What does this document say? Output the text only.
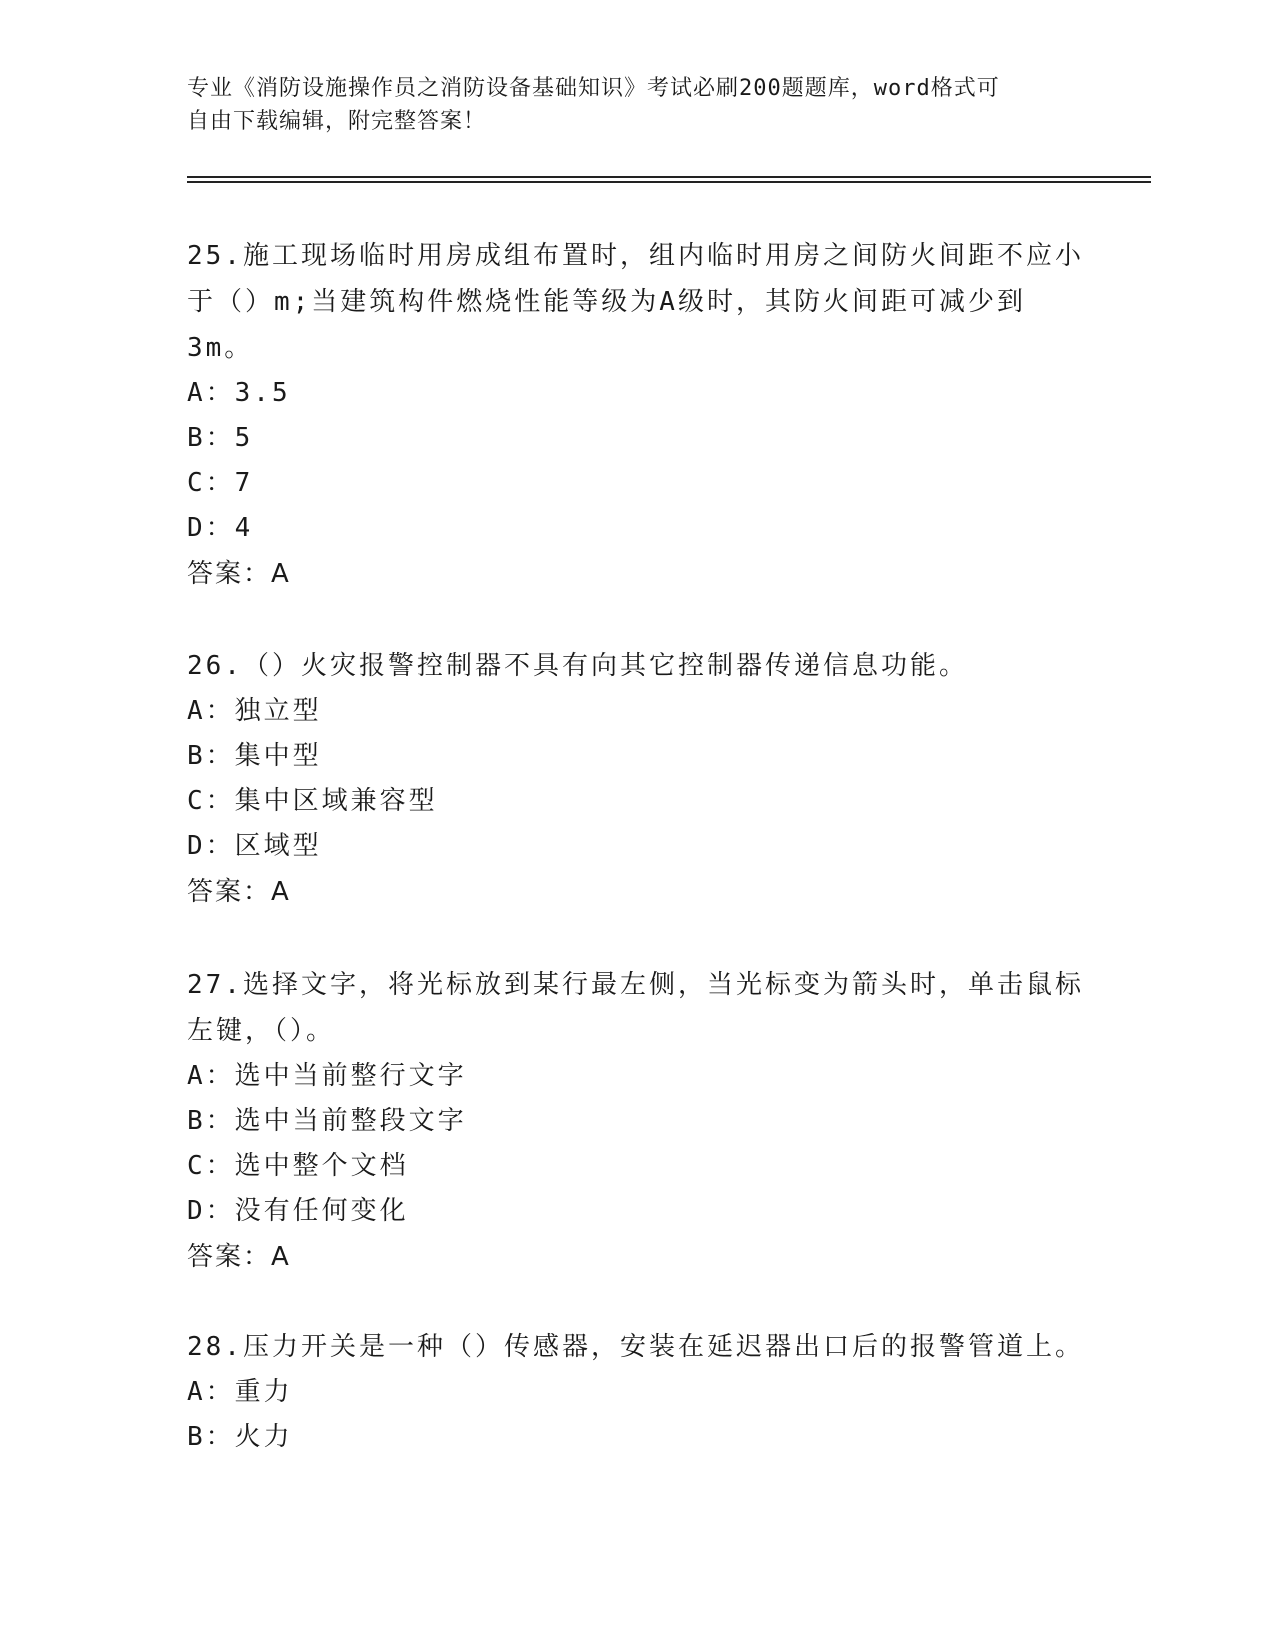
专业《消防设施操作员之消防设备基础知识》考试必刷200题题库，word格式可
自由下载编辑，附完整答案！

25.施工现场临时用房成组布置时，组内临时用房之间防火间距不应小于（）m;当建筑构件燃烧性能等级为A级时，其防火间距可减少到3m。

A：3.5

B：5

C：7

D：4

答案：A

26.（）火灾报警控制器不具有向其它控制器传递信息功能。

A：独立型

B：集中型

C：集中区域兼容型

D：区域型

答案：A

27.选择文字，将光标放到某行最左侧，当光标变为箭头时，单击鼠标左键，（）。

A：选中当前整行文字

B：选中当前整段文字

C：选中整个文档

D：没有任何变化

答案：A

28.压力开关是一种（）传感器，安装在延迟器出口后的报警管道上。

A：重力

B：火力
